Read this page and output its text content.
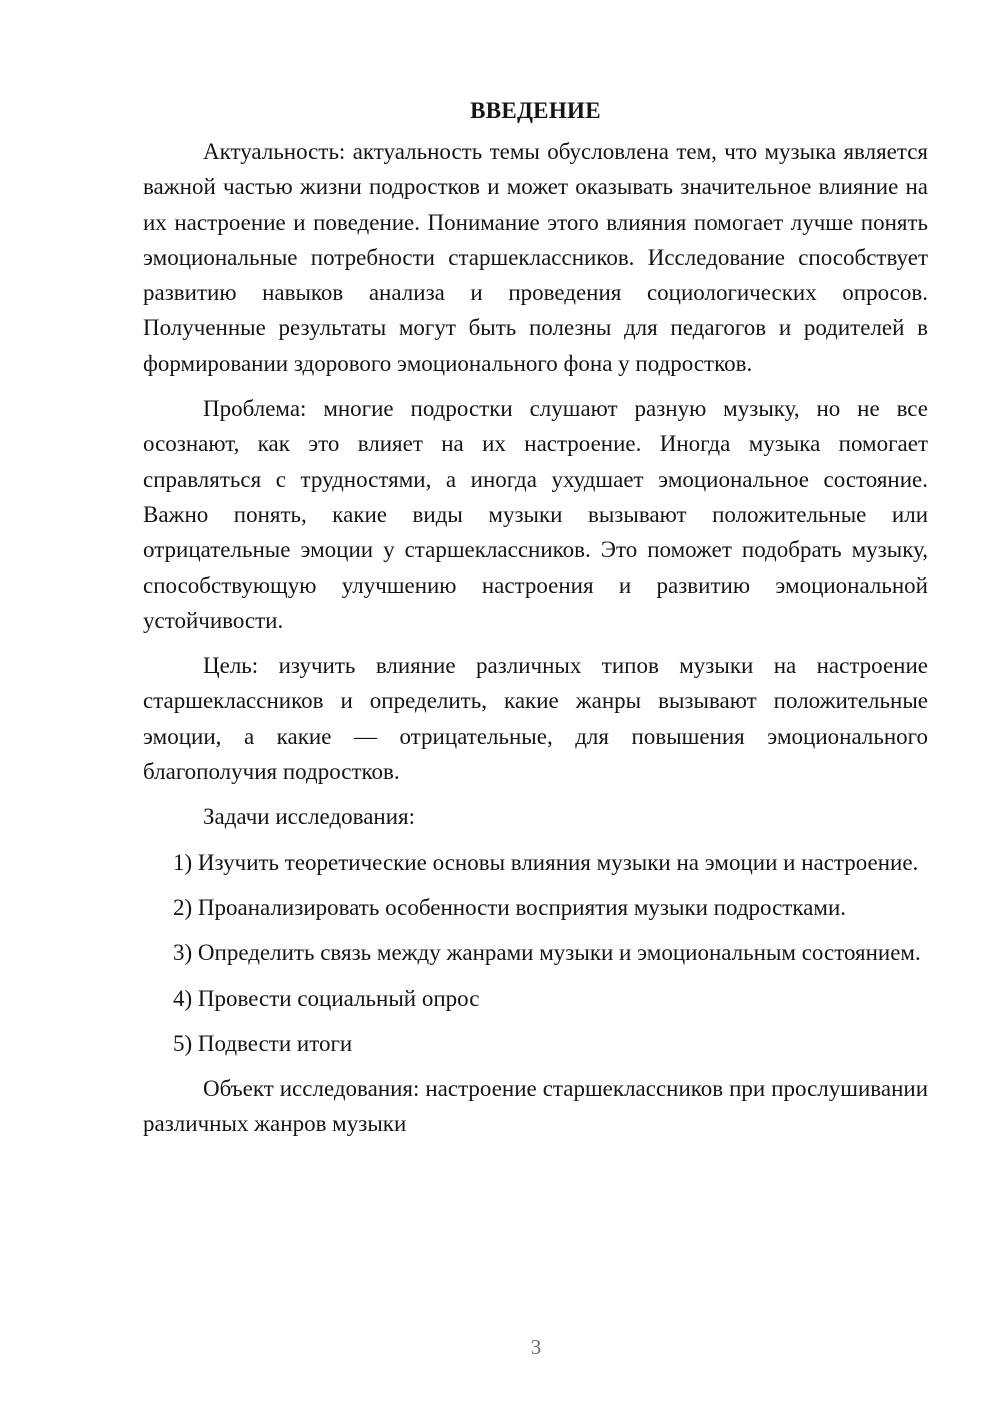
ВВЕДЕНИЕ

Актуальность: актуальность темы обусловлена тем, что музыка является важной частью жизни подростков и может оказывать значительное влияние на их настроение и поведение. Понимание этого влияния помогает лучше понять эмоциональные потребности старшеклассников. Исследование способствует развитию навыков анализа и проведения социологических опросов. Полученные результаты могут быть полезны для педагогов и родителей в формировании здорового эмоционального фона у подростков.

Проблема: многие подростки слушают разную музыку, но не все осознают, как это влияет на их настроение. Иногда музыка помогает справляться с трудностями, а иногда ухудшает эмоциональное состояние. Важно понять, какие виды музыки вызывают положительные или отрицательные эмоции у старшеклассников. Это поможет подобрать музыку, способствующую улучшению настроения и развитию эмоциональной устойчивости.

Цель: изучить влияние различных типов музыки на настроение старшеклассников и определить, какие жанры вызывают положительные эмоции, а какие — отрицательные, для повышения эмоционального благополучия подростков.

Задачи исследования:

1) Изучить теоретические основы влияния музыки на эмоции и настроение.

2) Проанализировать особенности восприятия музыки подростками.

3) Определить связь между жанрами музыки и эмоциональным состоянием.

4) Провести социальный опрос

5) Подвести итоги

Объект исследования: настроение старшеклассников при прослушивании различных жанров музыки

3
